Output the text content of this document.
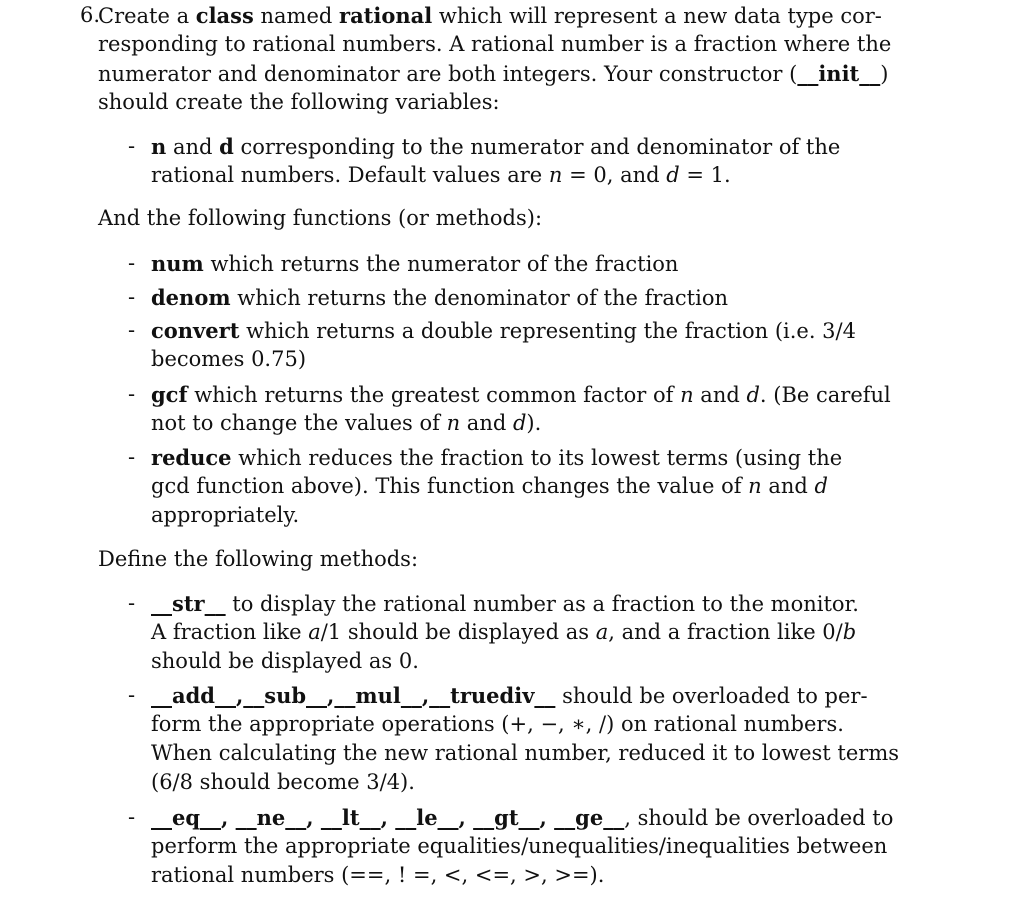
6.
Create a class named rational which will represent a new data type cor-
responding to rational numbers. A rational number is a fraction where the
numerator and denominator are both integers. Your constructor (__init__)
should create the following variables:
- n and d corresponding to the numerator and denominator of the
rational numbers. Default values are n = 0, and d = 1.
And the following functions (or methods):
- num which returns the numerator of the fraction
- denom which returns the denominator of the fraction
- convert which returns a double representing the fraction (i.e. 3/4
becomes 0.75)
- gcf which returns the greatest common factor of n and d. (Be careful
not to change the values of n and d).
- reduce which reduces the fraction to its lowest terms (using the
gcd function above). This function changes the value of n and d
appropriately.
Define the following methods:
- __str__ to display the rational number as a fraction to the monitor.
A fraction like a/1 should be displayed as a, and a fraction like 0/b
should be displayed as 0.
- __add__,__sub__,__mul__,__truediv__ should be overloaded to per-
form the appropriate operations (+, −, ∗, /) on rational numbers.
When calculating the new rational number, reduced it to lowest terms
(6/8 should become 3/4).
- __eq__, __ne__, __lt__, __le__, __gt__, __ge__, should be overloaded to
perform the appropriate equalities/unequalities/inequalities between
rational numbers (==, ! =, <, <=, >, >=).
